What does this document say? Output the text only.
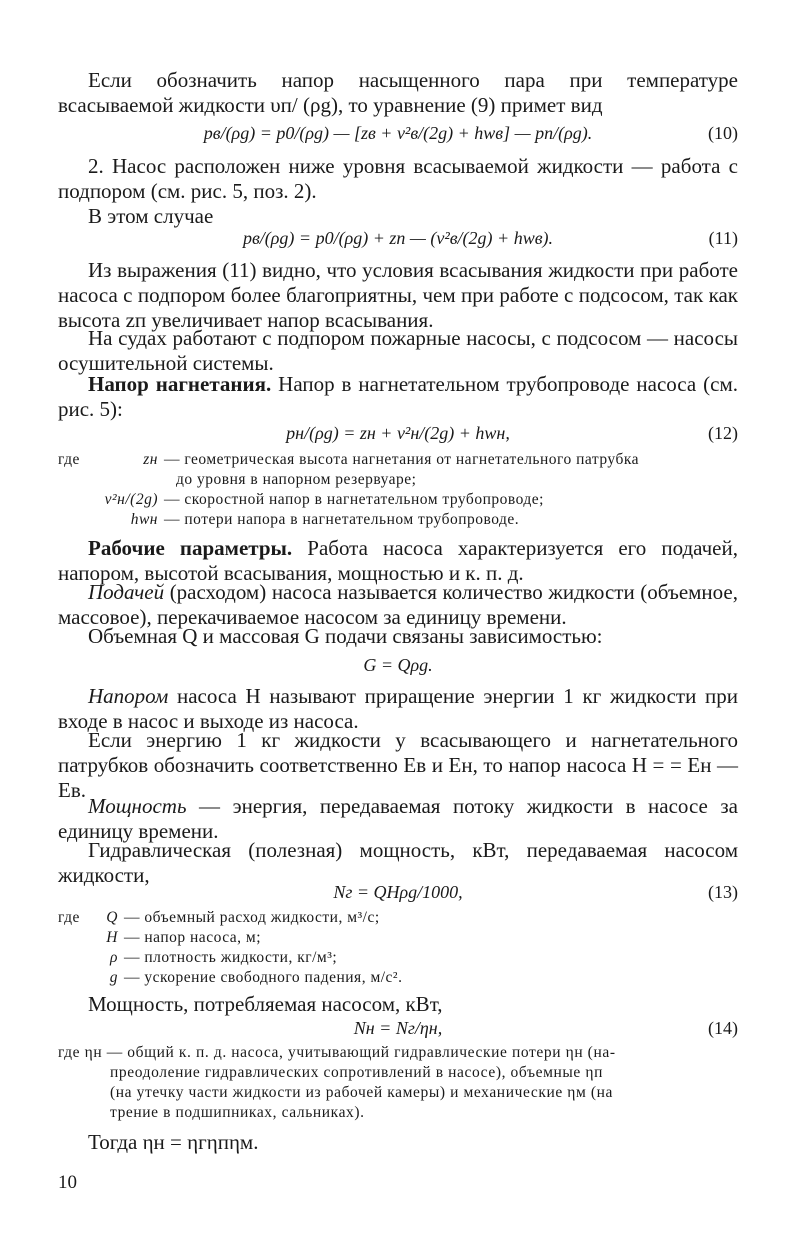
Если обозначить напор насыщенного пара при температуре всасываемой жидкости υп/ (ρg), то уравнение (9) примет вид

pв/(ρg) = p0/(ρg) — [zв + v²в/(2g) + hwв] — pп/(ρg).	(10)

2. Насос расположен ниже уровня всасываемой жидкости — работа с подпором (см. рис. 5, поз. 2).

В этом случае

pв/(ρg) = p0/(ρg) + zп — (v²в/(2g) + hwв).	(11)

Из выражения (11) видно, что условия всасывания жидкости при работе насоса с подпором более благоприятны, чем при работе с подсосом, так как высота zп увеличивает напор всасывания.

На судах работают с подпором пожарные насосы, с подсосом — насосы осушительной системы.

Напор нагнетания. Напор в нагнетательном трубопроводе насоса (см. рис. 5):

pн/(ρg) = zн + v²н/(2g) + hwн,	(12)
где	zн — геометрическая высота нагнетания от нагнетательного патрубка
до уровня в напорном резервуаре;
v²н/(2g) — скоростной напор в нагнетательном трубопроводе;
hwн — потери напора в нагнетательном трубопроводе.

Рабочие параметры. Работа насоса характеризуется его подачей, напором, высотой всасывания, мощностью и к. п. д.

Подачей (расходом) насоса называется количество жидкости (объемное, массовое), перекачиваемое насосом за единицу времени.

Объемная Q и массовая G подачи связаны зависимостью:

G = Qρg.

Напором насоса H называют приращение энергии 1 кг жидкости при входе в насос и выходе из насоса.

Если энергию 1 кг жидкости у всасывающего и нагнетательного патрубков обозначить соответственно Eв и Eн, то напор насоса H = = Eн — Eв.

Мощность — энергия, передаваемая потоку жидкости в насосе за единицу времени.

Гидравлическая (полезная) мощность, кВт, передаваемая насосом жидкости,

Nг = QHρg/1000,	(13)
где	Q — объемный расход жидкости, м³/с;
H — напор насоса, м;
ρ — плотность жидкости, кг/м³;
g — ускорение свободного падения, м/с².

Мощность, потребляемая насосом, кВт,

Nн = Nг/ηн,	(14)
где ηн — общий к. п. д. насоса, учитывающий гидравлические потери ηн (на-
преодоление гидравлических сопротивлений в насосе), объемные ηп
(на утечку части жидкости из рабочей камеры) и механические ηм (на
трение в подшипниках, сальниках).

Тогда ηн = ηгηпηм.

10
